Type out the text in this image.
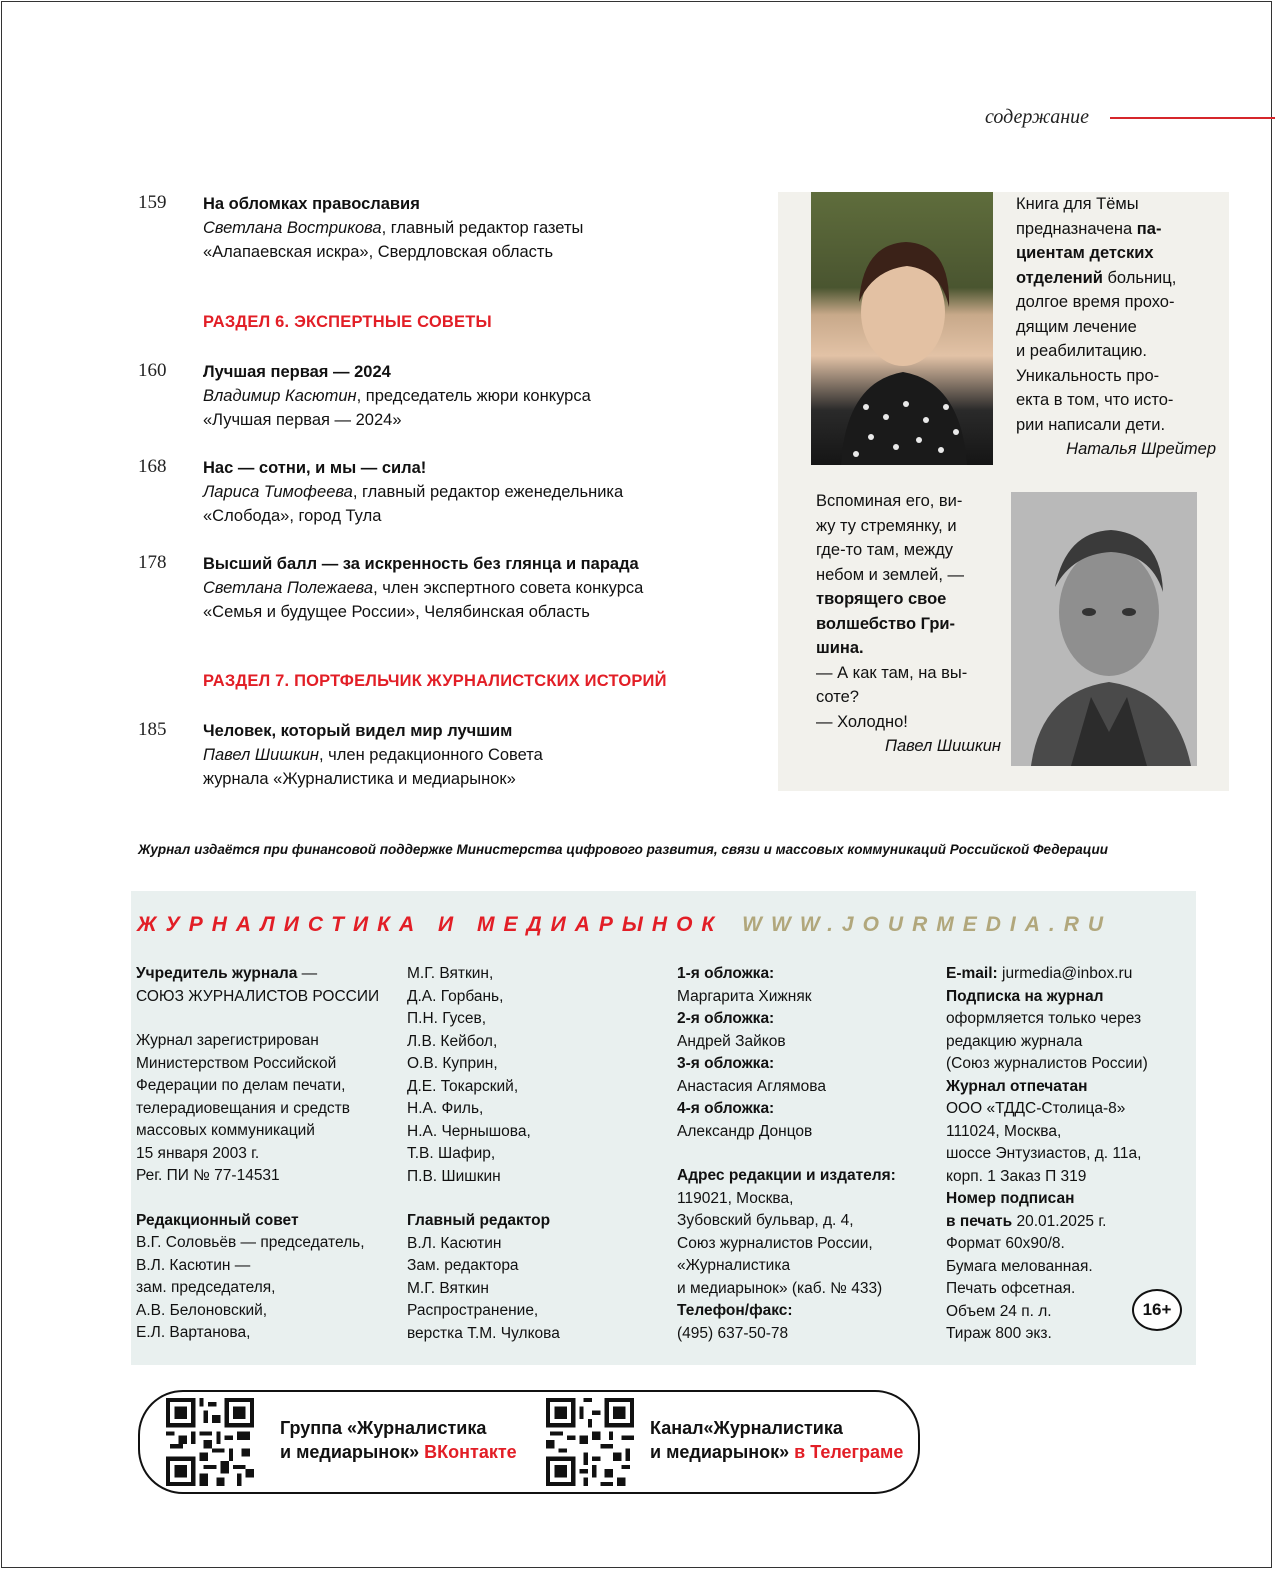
содержание
159 На обломках православия
Светлана Вострикова, главный редактор газеты
«Алапаевская искра», Свердловская область
РАЗДЕЛ 6. ЭКСПЕРТНЫЕ СОВЕТЫ
160 Лучшая первая — 2024
Владимир Касютин, председатель жюри конкурса
«Лучшая первая — 2024»
168 Нас — сотни, и мы — сила!
Лариса Тимофеева, главный редактор еженедельника
«Слобода», город Тула
178 Высший балл — за искренность без глянца и парада
Светлана Полежаева, член экспертного совета конкурса
«Семья и будущее России», Челябинская область
РАЗДЕЛ 7. ПОРТФЕЛЬЧИК ЖУРНАЛИСТСКИХ ИСТОРИЙ
185 Человек, который видел мир лучшим
Павел Шишкин, член редакционного Совета
журнала «Журналистика и медиарынок»
Книга для Тёмы
предназначена па-
циентам детских
отделений больниц,
долгое время прохо-
дящим лечение
и реабилитацию.
Уникальность про-
екта в том, что исто-
рии написали дети.
Наталья Шрейтер
Вспоминая его, ви-
жу ту стремянку, и
где-то там, между
небом и землей, —
творящего свое
волшебство Гри-
шина.
— А как там, на вы-
соте?
— Холодно!
Павел Шишкин
Журнал издаётся при финансовой поддержке Министерства цифрового развития, связи и массовых коммуникаций Российской Федерации
ЖУРНАЛИСТИКА И МЕДИАРЫНОК WWW.JOURMEDIA.RU
Учредитель журнала —
СОЮЗ ЖУРНАЛИСТОВ РОССИИ
Журнал зарегистрирован
Министерством Российской
Федерации по делам печати,
телерадиовещания и средств
массовых коммуникаций
15 января 2003 г.
Рег. ПИ № 77-14531
Редакционный совет
В.Г. Соловьёв — председатель,
В.Л. Касютин —
зам. председателя,
А.В. Белоновский,
Е.Л. Вартанова,
М.Г. Вяткин,
Д.А. Горбань,
П.Н. Гусев,
Л.В. Кейбол,
О.В. Куприн,
Д.Е. Токарский,
Н.А. Филь,
Н.А. Чернышова,
Т.В. Шафир,
П.В. Шишкин
Главный редактор
В.Л. Касютин
Зам. редактора
М.Г. Вяткин
Распространение,
верстка Т.М. Чулкова
1-я обложка:
Маргарита Хижняк
2-я обложка:
Андрей Зайков
3-я обложка:
Анастасия Аглямова
4-я обложка:
Александр Донцов
Адрес редакции и издателя:
119021, Москва,
Зубовский бульвар, д. 4,
Союз журналистов России,
«Журналистика
и медиарынок» (каб. № 433)
Телефон/факс:
(495) 637-50-78
E-mail: jurmedia@inbox.ru
Подписка на журнал
оформляется только через
редакцию журнала
(Союз журналистов России)
Журнал отпечатан
ООО «ТДДС-Столица-8»
111024, Москва,
шоссе Энтузиастов, д. 11а,
корп. 1 Заказ П 319
Номер подписан
в печать 20.01.2025 г.
Формат 60х90/8.
Бумага мелованная.
Печать офсетная.
Объем 24 п. л.
Тираж 800 экз.
16+
Группа «Журналистика
и медиарынок» ВКонтакте
Канал«Журналистика
и медиарынок» в Телеграме
